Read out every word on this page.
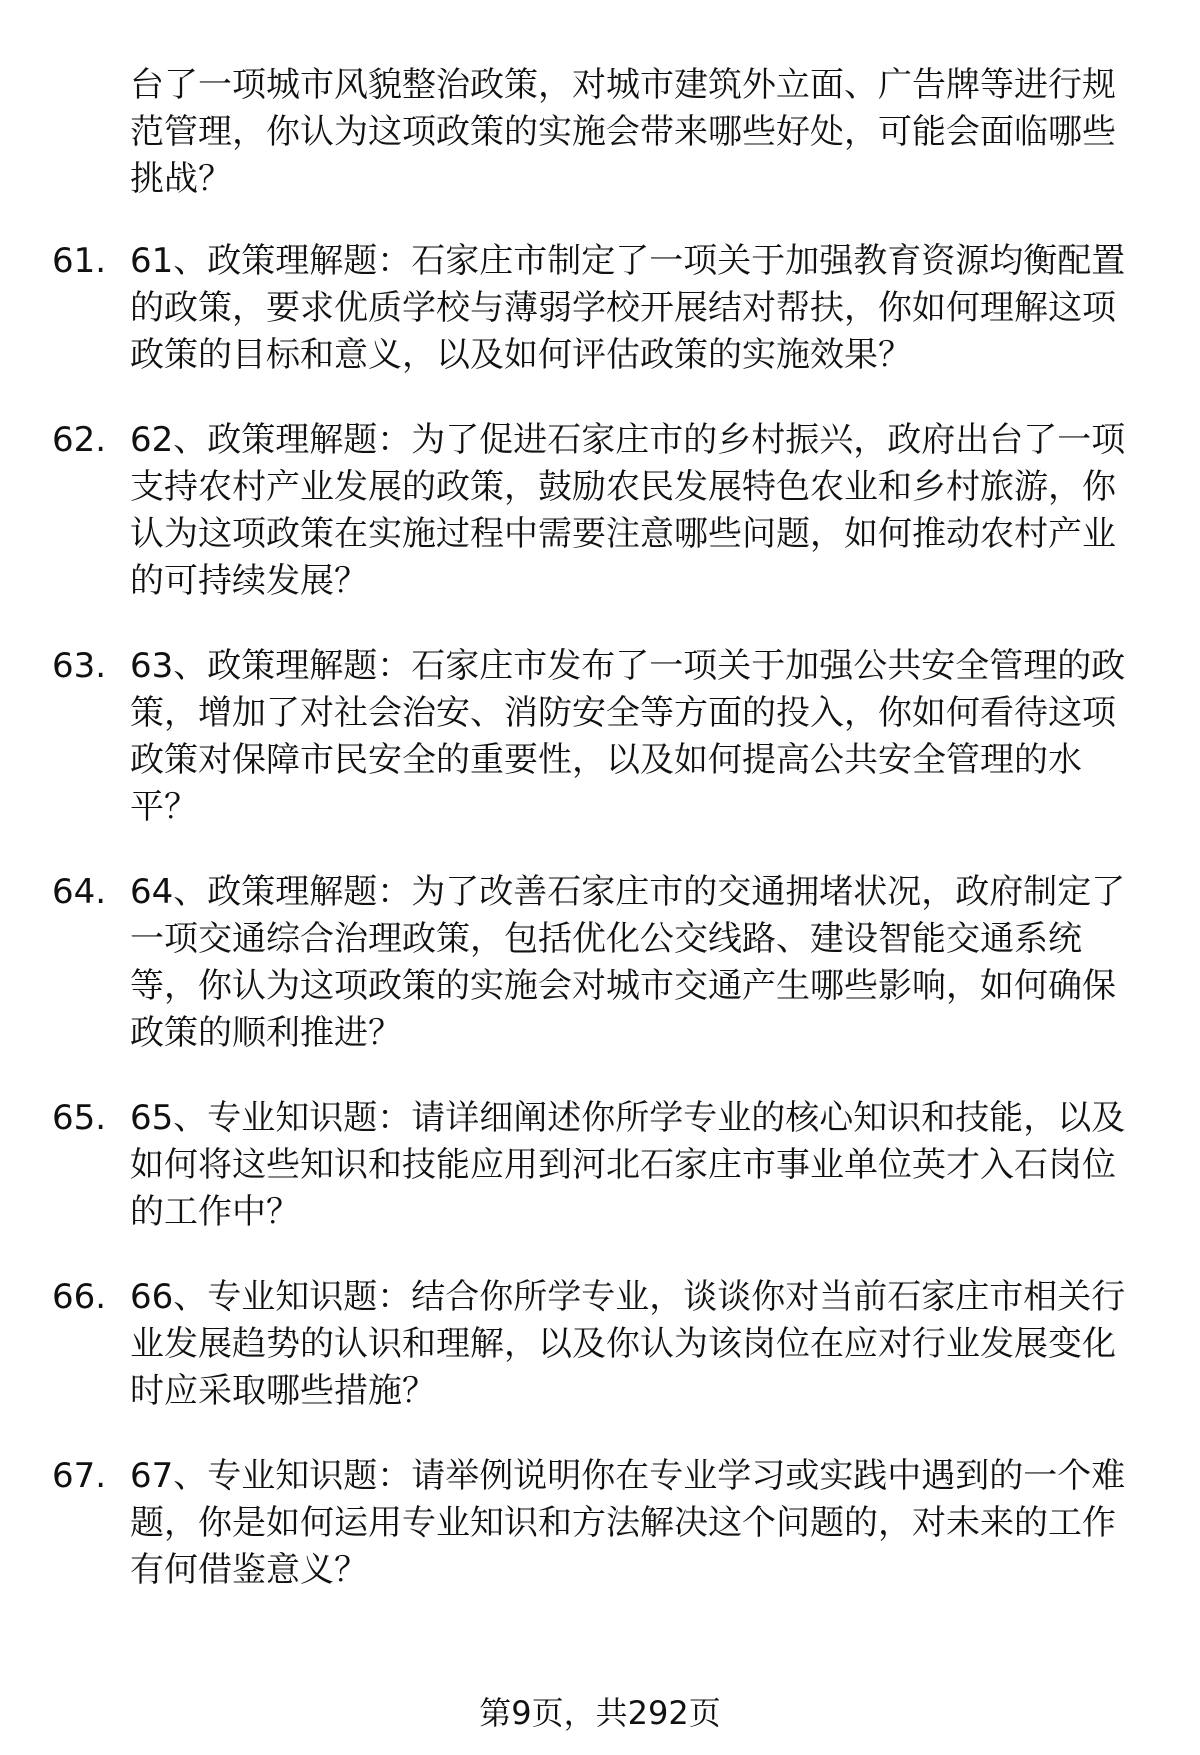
台了一项城市风貌整治政策，对城市建筑外立面、广告牌等进行规范管理，你认为这项政策的实施会带来哪些好处，可能会面临哪些挑战？

61. 61、政策理解题：石家庄市制定了一项关于加强教育资源均衡配置的政策，要求优质学校与薄弱学校开展结对帮扶，你如何理解这项政策的目标和意义，以及如何评估政策的实施效果？
62. 62、政策理解题：为了促进石家庄市的乡村振兴，政府出台了一项支持农村产业发展的政策，鼓励农民发展特色农业和乡村旅游，你认为这项政策在实施过程中需要注意哪些问题，如何推动农村产业的可持续发展？
63. 63、政策理解题：石家庄市发布了一项关于加强公共安全管理的政策，增加了对社会治安、消防安全等方面的投入，你如何看待这项政策对保障市民安全的重要性，以及如何提高公共安全管理的水平？
64. 64、政策理解题：为了改善石家庄市的交通拥堵状况，政府制定了一项交通综合治理政策，包括优化公交线路、建设智能交通系统等，你认为这项政策的实施会对城市交通产生哪些影响，如何确保政策的顺利推进？
65. 65、专业知识题：请详细阐述你所学专业的核心知识和技能，以及如何将这些知识和技能应用到河北石家庄市事业单位英才入石岗位的工作中？
66. 66、专业知识题：结合你所学专业，谈谈你对当前石家庄市相关行业发展趋势的认识和理解，以及你认为该岗位在应对行业发展变化时应采取哪些措施？
67. 67、专业知识题：请举例说明你在专业学习或实践中遇到的一个难题，你是如何运用专业知识和方法解决这个问题的，对未来的工作有何借鉴意义？
第9页，共292页
